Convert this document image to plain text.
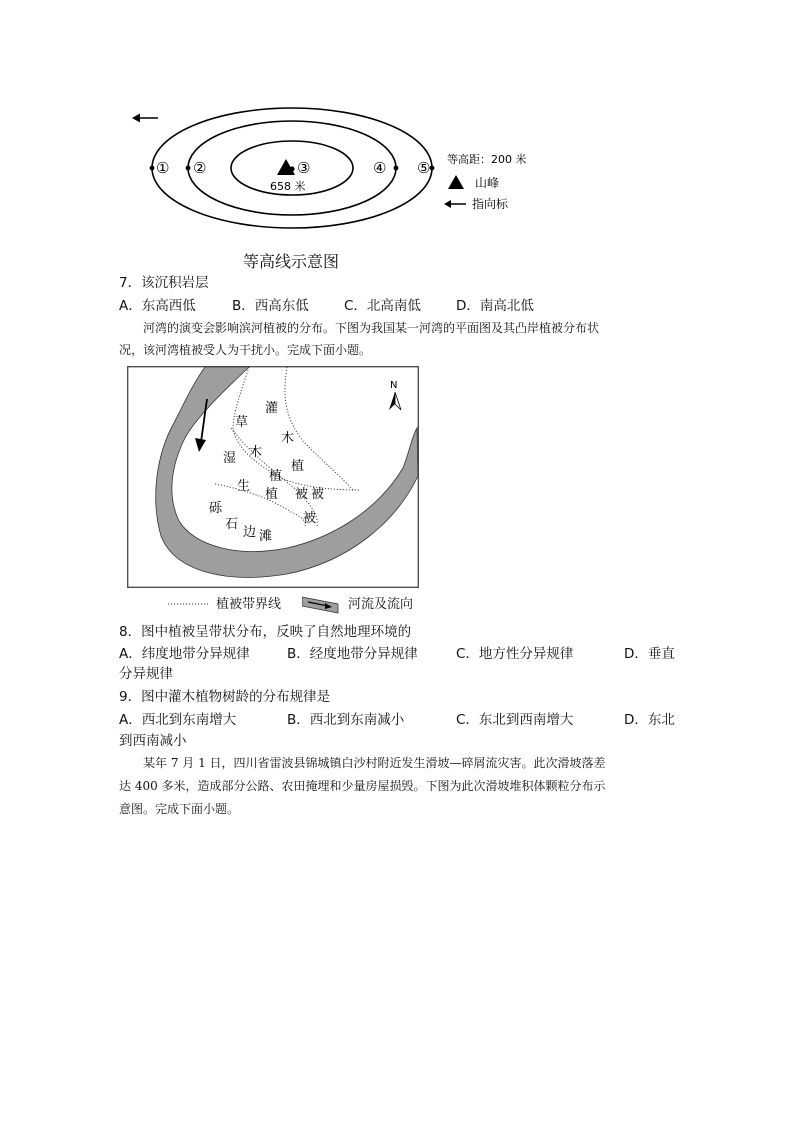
① ②	③	④ ⑤
658 米
等高距：200 米
山峰
指向标
等高线示意图
7．该沉积岩层
A．东高西低	B．西高东低	C．北高南低	D．南高北低
河湾的演变会影响滨河植被的分布。下图为我国某一河湾的平面图及其凸岸植被分布状
况，该河湾植被受人为干扰小。完成下面小题。
N
灌
木
植
被
草
木
植
被
湿
生
植
被
砾
石
边 滩
植被带界线	河流及流向
8．图中植被呈带状分布，反映了自然地理环境的
A．纬度地带分异规律	B．经度地带分异规律	C．地方性分异规律	D．垂直
分异规律
9．图中灌木植物树龄的分布规律是
A．西北到东南增大	B．西北到东南减小	C．东北到西南增大	D．东北
到西南减小
某年 7 月 1 日，四川省雷波县锦城镇白沙村附近发生滑坡—碎屑流灾害。此次滑坡落差
达 400 多米，造成部分公路、农田掩埋和少量房屋损毁。下图为此次滑坡堆积体颗粒分布示
意图。完成下面小题。
